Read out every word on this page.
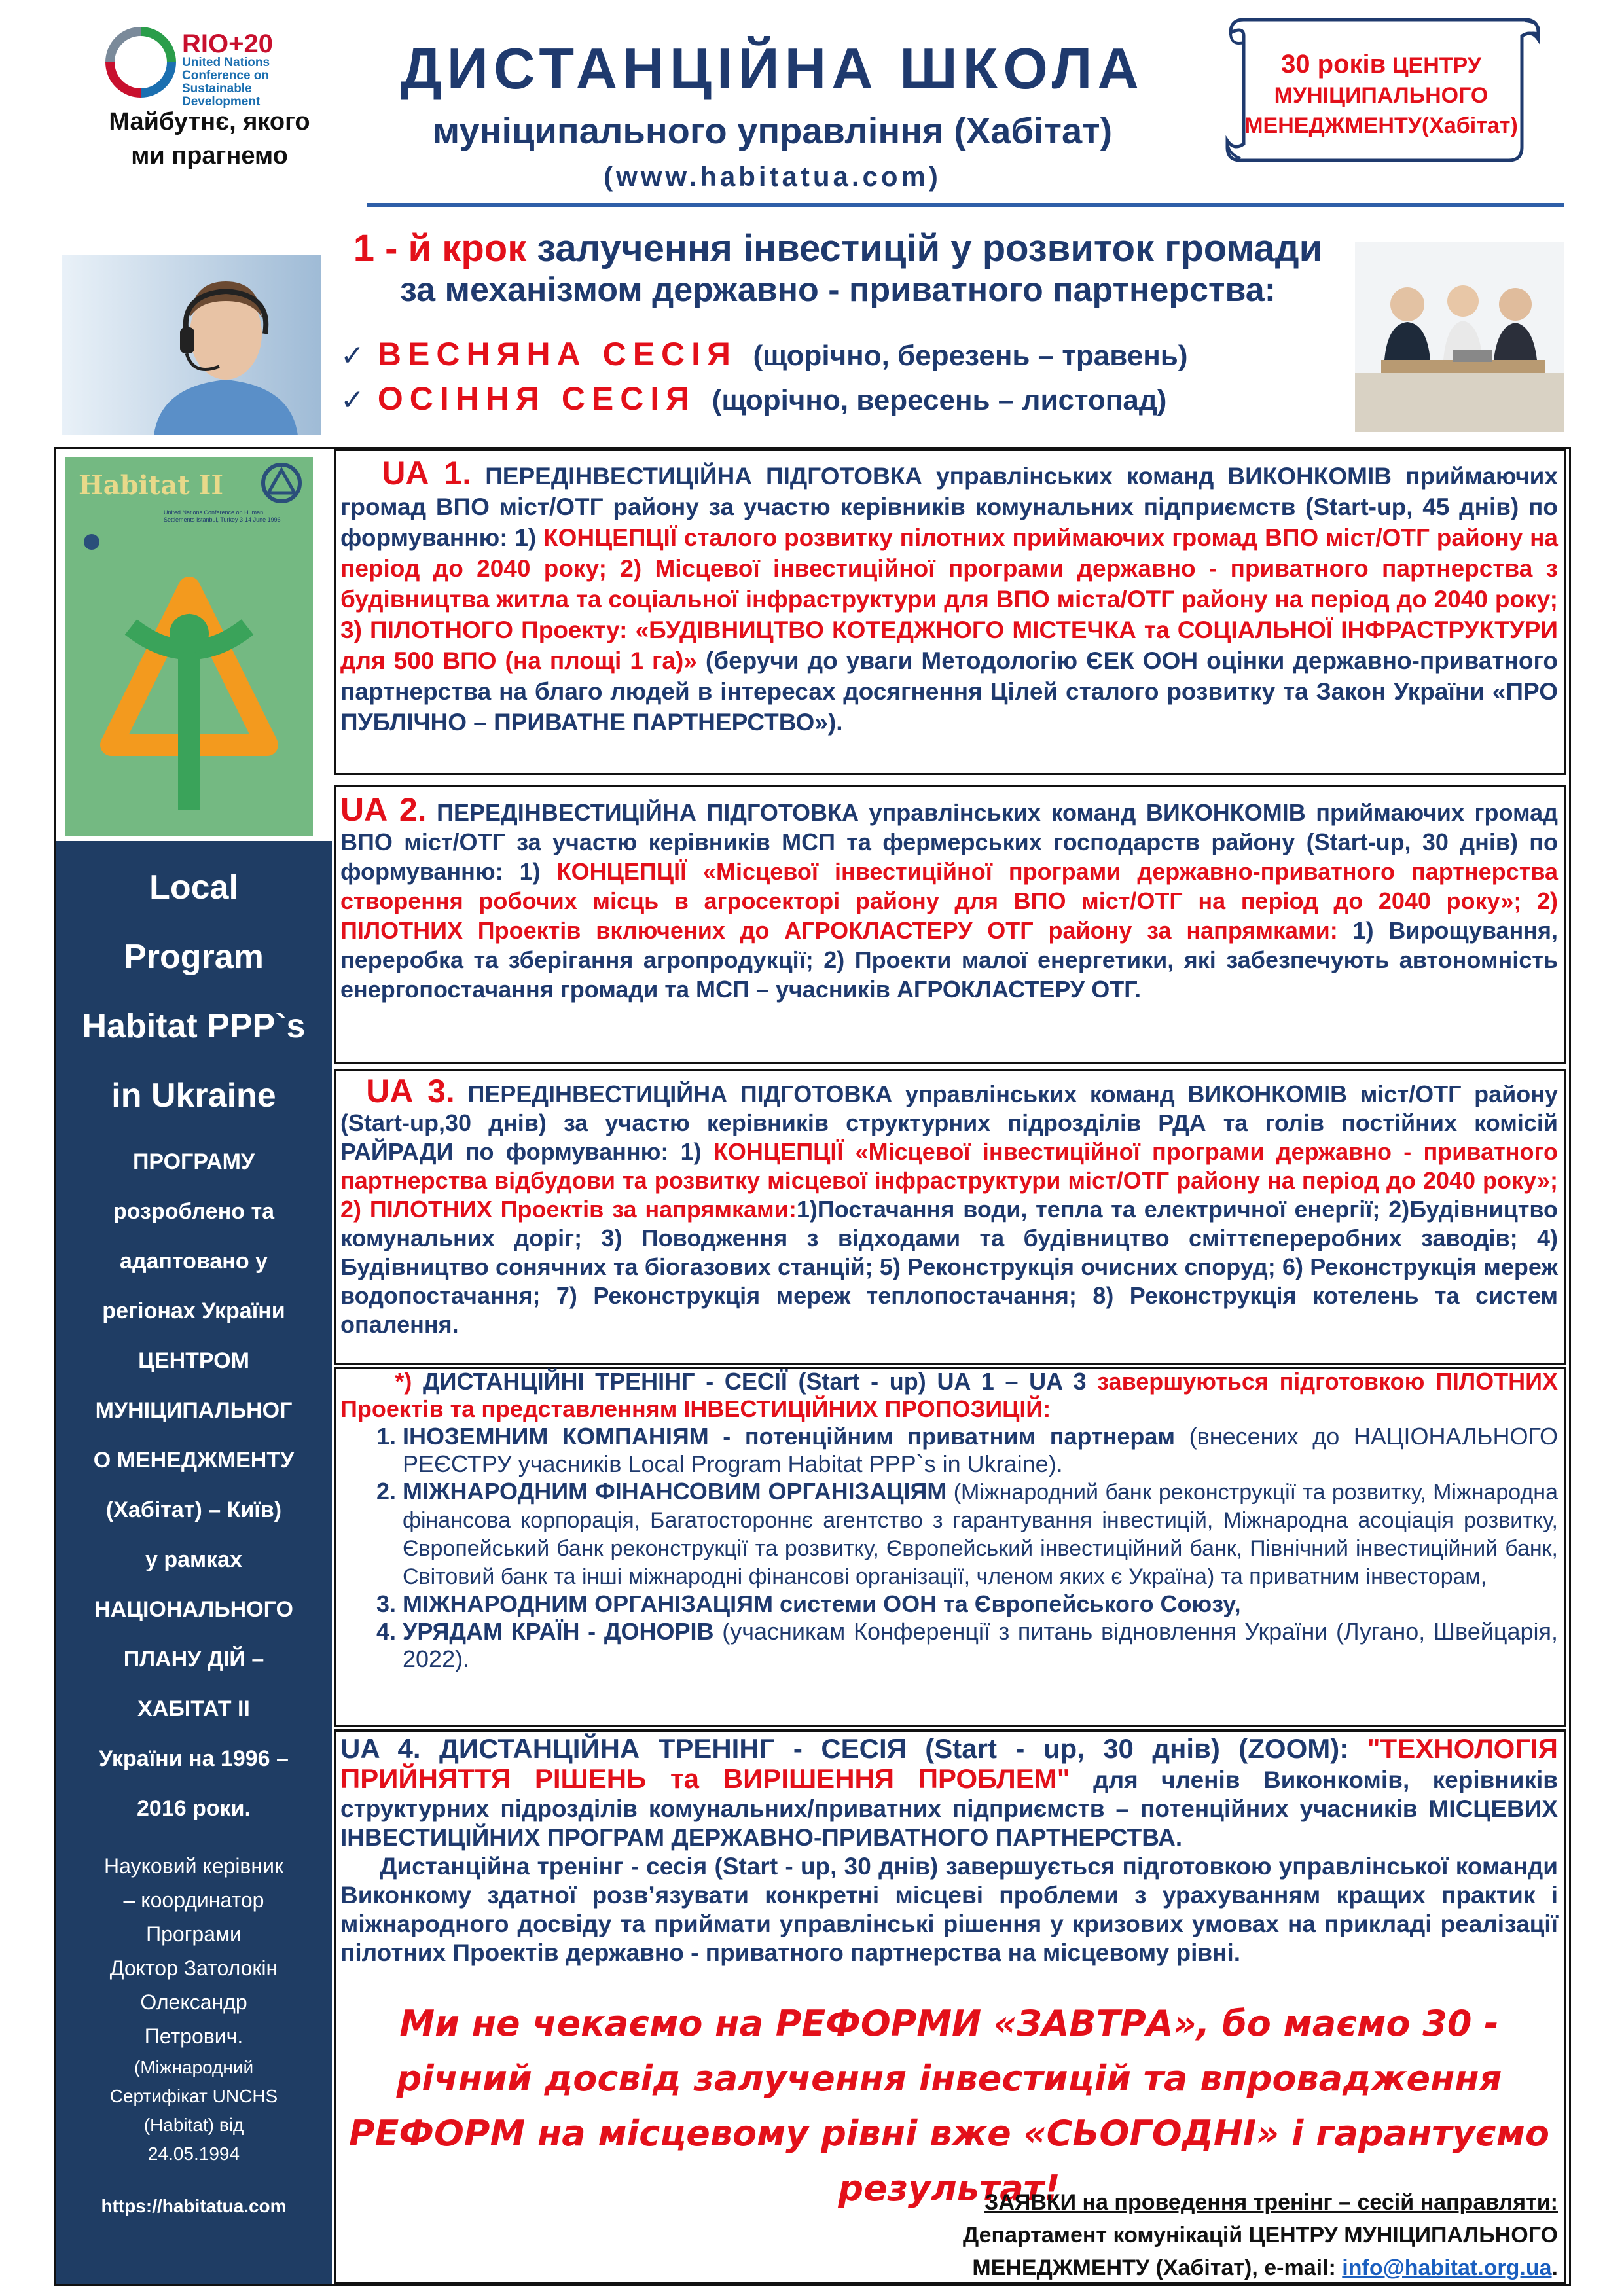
RIO+20
United Nations
Conference on
Sustainable
Development
Майбутнє, якого
ми прагнемо
ДИСТАНЦІЙНА ШКОЛА
муніципального управління (Хабітат)
(www.habitatua.com)
30 років ЦЕНТРУ
МУНІЦИПАЛЬНОГО
МЕНЕДЖМЕНТУ(Хабітат)
1 - й крок залучення інвестицій у розвиток громади
за механізмом державно - приватного партнерства:
✓ ВЕСНЯНА СЕСІЯ (щорічно, березень – травень)
✓ ОСІННЯ СЕСІЯ (щорічно, вересень – листопад)
Habitat II
United Nations Conference on Human Settlements Istanbul, Turkey 3-14 June 1996
Local
Program
Habitat PPP`s
in Ukraine
ПРОГРАМУ
розроблено та
адаптовано у
регіонах України
ЦЕНТРОМ
МУНІЦИПАЛЬНОГ
О МЕНЕДЖМЕНТУ
(Хабітат) – Київ)
у рамках
НАЦІОНАЛЬНОГО
ПЛАНУ ДІЙ –
ХАБІТАТ ІІ
України на 1996 –
2016 роки.
Науковий керівник
– координатор
Програми
Доктор Затолокін
Олександр
Петрович.
(Міжнародний
Сертифікат UNCHS
(Habitat) від
24.05.1994
https://habitatua.com
UA 1. ПЕРЕДІНВЕСТИЦІЙНА ПІДГОТОВКА управлінських команд ВИКОНКОМІВ приймаючих громад ВПО міст/ОТГ району за участю керівників комунальних підприємств (Start-up, 45 днів) по формуванню: 1) КОНЦЕПЦІЇ сталого розвитку пілотних приймаючих громад ВПО міст/ОТГ району на період до 2040 року; 2) Місцевої інвестиційної програми державно - приватного партнерства з будівництва житла та соціальної інфраструктури для ВПО міста/ОТГ району на період до 2040 року; 3) ПІЛОТНОГО Проекту: «БУДІВНИЦТВО КОТЕДЖНОГО МІСТЕЧКА та СОЦІАЛЬНОЇ ІНФРАСТРУКТУРИ для 500 ВПО (на площі 1 га)» (беручи до уваги Методологію ЄЕК ООН оцінки державно-приватного партнерства на благо людей в інтересах досягнення Цілей сталого розвитку та Закон України «ПРО ПУБЛІЧНО – ПРИВАТНЕ ПАРТНЕРСТВО»).
UA 2. ПЕРЕДІНВЕСТИЦІЙНА ПІДГОТОВКА управлінських команд ВИКОНКОМІВ приймаючих громад ВПО міст/ОТГ за участю керівників МСП та фермерських господарств району (Start-up, 30 днів) по формуванню: 1) КОНЦЕПЦІЇ «Місцевої інвестиційної програми державно-приватного партнерства створення робочих місць в агросекторі району для ВПО міст/ОТГ на період до 2040 року»; 2) ПІЛОТНИХ Проектів включених до АГРОКЛАСТЕРУ ОТГ району за напрямками: 1) Вирощування, переробка та зберігання агропродукції; 2) Проекти малої енергетики, які забезпечують автономність енергопостачання громади та МСП – учасників АГРОКЛАСТЕРУ ОТГ.
UA 3. ПЕРЕДІНВЕСТИЦІЙНА ПІДГОТОВКА управлінських команд ВИКОНКОМІВ міст/ОТГ району (Start-up,30 днів) за участю керівників структурних підрозділів РДА та голів постійних комісій РАЙРАДИ по формуванню: 1) КОНЦЕПЦІЇ «Місцевої інвестиційної програми державно - приватного партнерства відбудови та розвитку місцевої інфраструктури міст/ОТГ району на період до 2040 року»; 2) ПІЛОТНИХ Проектів за напрямками:1)Постачання води, тепла та електричної енергії; 2)Будівництво комунальних доріг; 3) Поводження з відходами та будівництво сміттєпереробних заводів; 4) Будівництво сонячних та біогазових станцій; 5) Реконструкція очисних споруд; 6) Реконструкція мереж водопостачання; 7) Реконструкція мереж теплопостачання; 8) Реконструкція котелень та систем опалення.
*) ДИСТАНЦІЙНІ ТРЕНІНГ - СЕСІЇ (Start - up) UA 1 – UA 3 завершуються підготовкою ПІЛОТНИХ Проектів та представленням ІНВЕСТИЦІЙНИХ ПРОПОЗИЦІЙ:
1. ІНОЗЕМНИМ КОМПАНІЯМ - потенційним приватним партнерам (внесених до НАЦІОНАЛЬНОГО РЕЄСТРУ учасників Local Program Habitat PPP`s in Ukraine).
2. МІЖНАРОДНИМ ФІНАНСОВИМ ОРГАНІЗАЦІЯМ (Міжнародний банк реконструкції та розвитку, Міжнародна фінансова корпорація, Багатостороннє агентство з гарантування інвестицій, Міжнародна асоціація розвитку, Європейський банк реконструкції та розвитку, Європейський інвестиційний банк, Північний інвестиційний банк, Світовий банк та інші міжнародні фінансові організації, членом яких є Україна) та приватним інвесторам,
3. МІЖНАРОДНИМ ОРГАНІЗАЦІЯМ системи ООН та Європейського Союзу,
4. УРЯДАМ КРАЇН - ДОНОРІВ (учасникам Конференції з питань відновлення України (Лугано, Швейцарія, 2022).
UA 4. ДИСТАНЦІЙНА ТРЕНІНГ - СЕСІЯ (Start - up, 30 днів) (ZOOM): "ТЕХНОЛОГІЯ ПРИЙНЯТТЯ РІШЕНЬ та ВИРІШЕННЯ ПРОБЛЕМ" для членів Виконкомів, керівників структурних підрозділів комунальних/приватних підприємств – потенційних учасників МІСЦЕВИХ ІНВЕСТИЦІЙНИХ ПРОГРАМ ДЕРЖАВНО-ПРИВАТНОГО ПАРТНЕРСТВА.
Дистанційна тренінг - сесія (Start - up, 30 днів) завершується підготовкою управлінської команди Виконкому здатної розв’язувати конкретні місцеві проблеми з урахуванням кращих практик і міжнародного досвіду та приймати управлінські рішення у кризових умовах на прикладі реалізації пілотних Проектів державно - приватного партнерства на місцевому рівні.
Ми не чекаємо на РЕФОРМИ «ЗАВТРА», бо маємо 30 - річний досвід залучення інвестицій та впровадження РЕФОРМ на місцевому рівні вже «СЬОГОДНІ» і гарантуємо результат!
ЗАЯВКИ на проведення тренінг – сесій направляти:
Департамент комунікацій ЦЕНТРУ МУНІЦИПАЛЬНОГО
МЕНЕДЖМЕНТУ (Хабітат), e-mail: info@habitat.org.ua.
